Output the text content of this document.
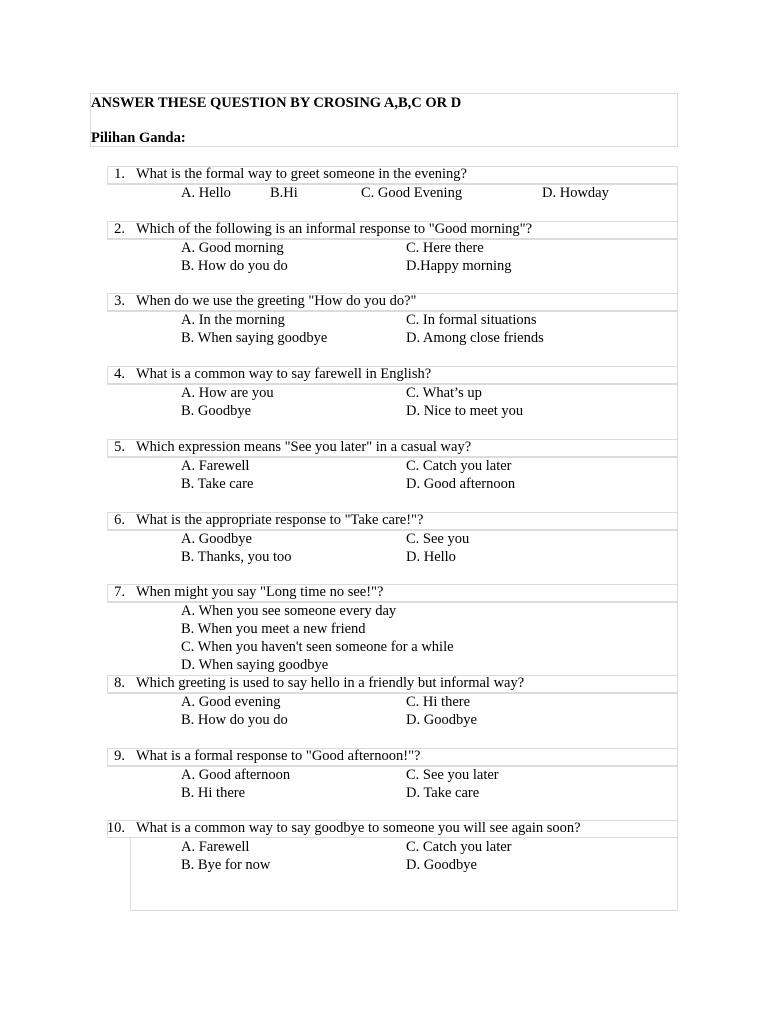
ANSWER THESE QUESTION BY CROSING A,B,C OR D
Pilihan Ganda:
1. What is the formal way to greet someone in the evening?
A. Hello	B.Hi	C. Good Evening	D. Howday
2. Which of the following is an informal response to "Good morning"?
A. Good morning	C. Here there
B. How do you do	D.Happy morning
3. When do we use the greeting "How do you do?"
A. In the morning	C. In formal situations
B. When saying goodbye	D. Among close friends
4. What is a common way to say farewell in English?
A. How are you	C. What’s up
B. Goodbye	D. Nice to meet you
5. Which expression means "See you later" in a casual way?
A. Farewell	C. Catch you later
B. Take care	D. Good afternoon
6. What is the appropriate response to "Take care!"?
A. Goodbye	C. See you
B. Thanks, you too	D. Hello
7. When might you say "Long time no see!"?
A. When you see someone every day
B. When you meet a new friend
C. When you haven't seen someone for a while
D. When saying goodbye
8. Which greeting is used to say hello in a friendly but informal way?
A. Good evening	C. Hi there
B. How do you do	D. Goodbye
9. What is a formal response to "Good afternoon!"?
A. Good afternoon	C. See you later
B. Hi there	D. Take care
10. What is a common way to say goodbye to someone you will see again soon?
A. Farewell	C. Catch you later
B. Bye for now	D. Goodbye
